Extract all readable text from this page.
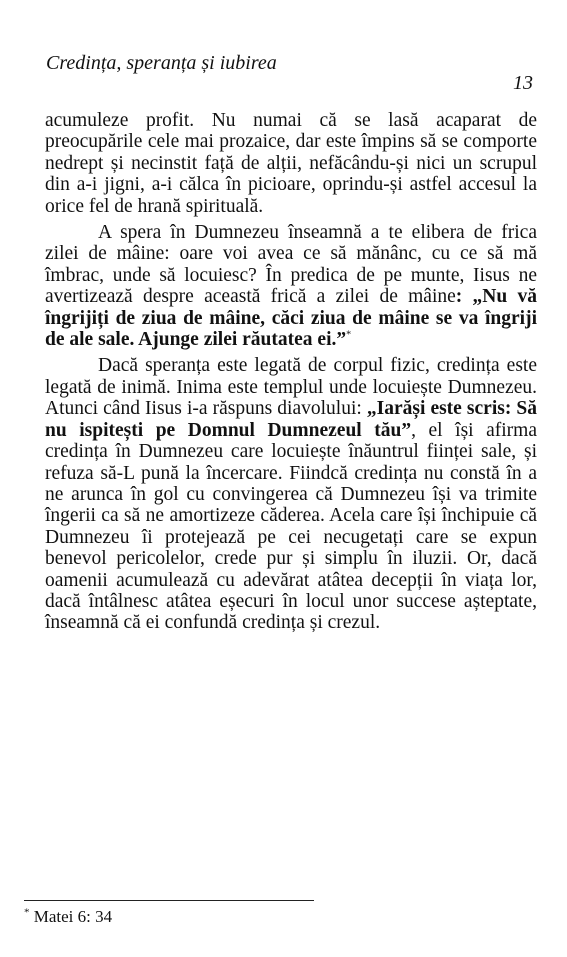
Credința, speranța și iubirea
13

acumuleze profit. Nu numai că se lasă acaparat de preocupările cele mai prozaice, dar este împins să se comporte nedrept și necinstit față de alții, nefăcându-și nici un scrupul din a-i jigni, a-i călca în picioare, oprindu-și astfel accesul la orice fel de hrană spirituală.

A spera în Dumnezeu înseamnă a te elibera de frica zilei de mâine: oare voi avea ce să mănânc, cu ce să mă îmbrac, unde să locuiesc? În predica de pe munte, Iisus ne avertizează despre această frică a zilei de mâine: „Nu vă îngrijiți de ziua de mâine, căci ziua de mâine se va îngriji de ale sale. Ajunge zilei răutatea ei.”*

Dacă speranța este legată de corpul fizic, credința este legată de inimă. Inima este templul unde locuiește Dumnezeu. Atunci când Iisus i-a răspuns diavolului: „Iarăși este scris: Să nu ispitești pe Domnul Dumnezeul tău”, el își afirma credința în Dumnezeu care locuiește înăuntrul ființei sale, și refuza să-L pună la încercare. Fiindcă credința nu constă în a ne arunca în gol cu convingerea că Dumnezeu își va trimite îngerii ca să ne amortizeze căderea. Acela care își închipuie că Dumnezeu îi protejează pe cei necugetați care se expun benevol pericolelor, crede pur și simplu în iluzii. Or, dacă oamenii acumulează cu adevărat atâtea decepții în viața lor, dacă întâlnesc atâtea eșecuri în locul unor succese așteptate, înseamnă că ei confundă credința și crezul.

* Matei 6: 34
